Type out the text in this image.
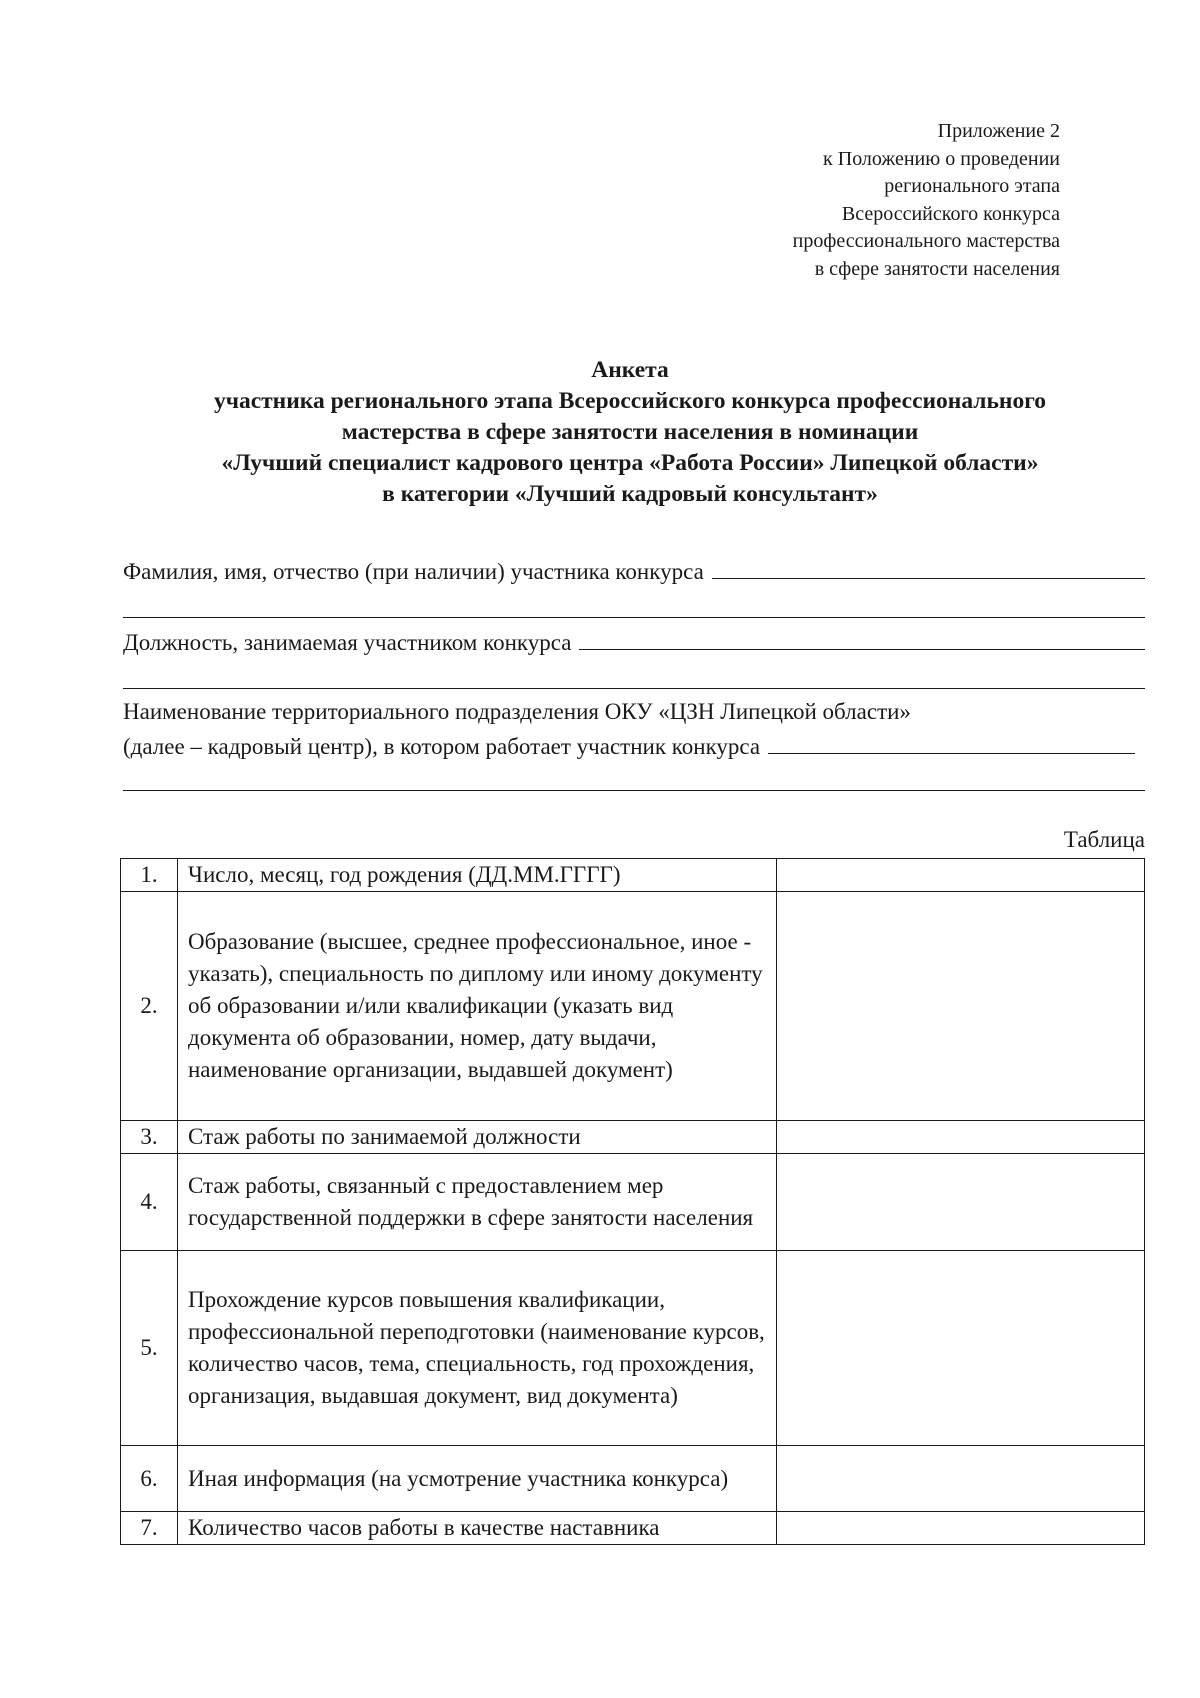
Приложение 2
к Положению о проведении
регионального этапа
Всероссийского конкурса
профессионального мастерства
в сфере занятости населения
Анкета
участника регионального этапа Всероссийского конкурса профессионального
мастерства в сфере занятости населения в номинации
«Лучший специалист кадрового центра «Работа России» Липецкой области»
в категории «Лучший кадровый консультант»
Фамилия, имя, отчество (при наличии) участника конкурса
Должность, занимаемая участником конкурса
Наименование территориального подразделения ОКУ «ЦЗН Липецкой области»
(далее – кадровый центр), в котором работает участник конкурса
Таблица
1.	Число, месяц, год рождения (ДД.ММ.ГГГГ)	
2.	Образование (высшее, среднее профессиональное, иное - указать), специальность по диплому или иному документу об образовании и/или квалификации (указать вид документа об образовании, номер, дату выдачи, наименование организации, выдавшей документ)	
3.	Стаж работы по занимаемой должности	
4.	Стаж работы, связанный с предоставлением мер государственной поддержки в сфере занятости населения	
5.	Прохождение курсов повышения квалификации, профессиональной переподготовки (наименование курсов, количество часов, тема, специальность, год прохождения, организация, выдавшая документ, вид документа)	
6.	Иная информация (на усмотрение участника конкурса)	
7.	Количество часов работы в качестве наставника	
